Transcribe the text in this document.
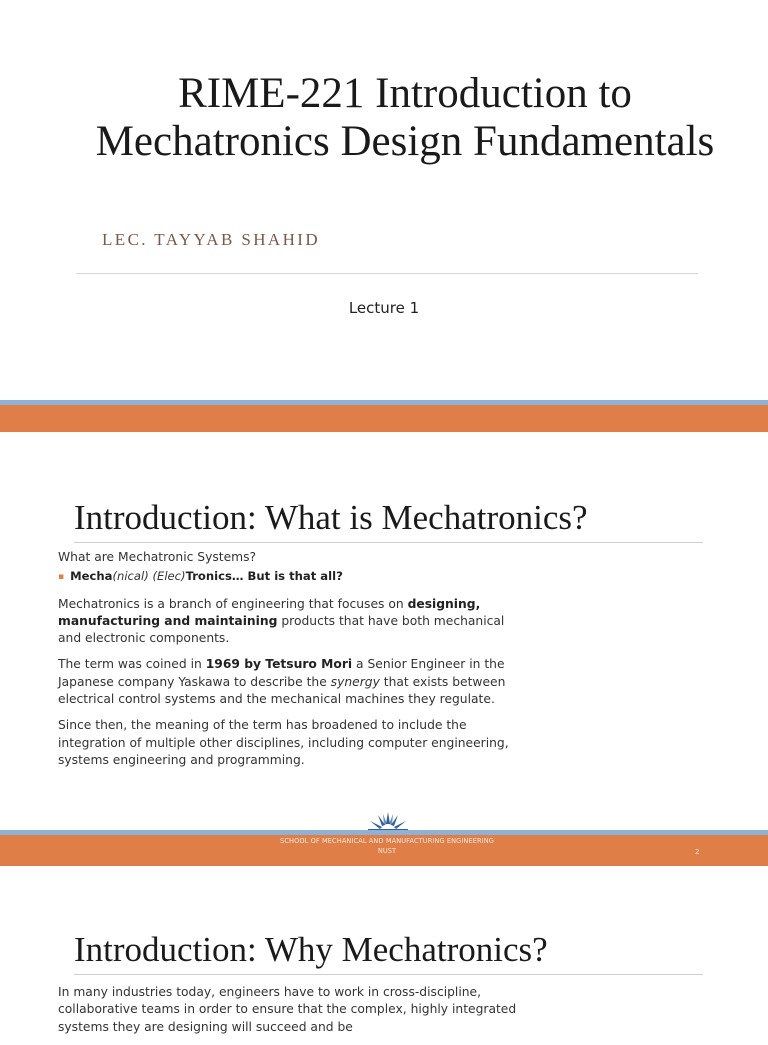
RIME-221 Introduction to Mechatronics Design Fundamentals
LEC. TAYYAB SHAHID
Lecture 1
Introduction: What is Mechatronics?

What are Mechatronic Systems?

▪ Mecha(nical) (Elec)Tronics… But is that all?

Mechatronics is a branch of engineering that focuses on designing, manufacturing and maintaining products that have both mechanical and electronic components.

The term was coined in 1969 by Tetsuro Mori a Senior Engineer in the Japanese company Yaskawa to describe the synergy that exists between electrical control systems and the mechanical machines they regulate.

Since then, the meaning of the term has broadened to include the integration of multiple other disciplines, including computer engineering, systems engineering and programming.

SCHOOL OF MECHANICAL AND MANUFACTURING ENGINEERING
NUST	2
Introduction: Why Mechatronics?

In many industries today, engineers have to work in cross-discipline, collaborative teams in order to ensure that the complex, highly integrated systems they are designing will succeed and be
